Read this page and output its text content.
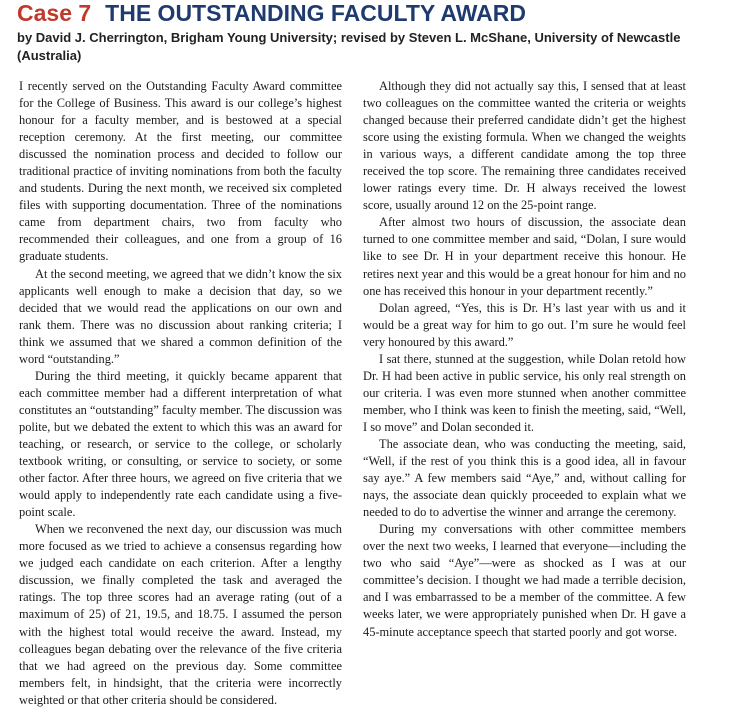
Case 7 THE OUTSTANDING FACULTY AWARD
by David J. Cherrington, Brigham Young University; revised by Steven L. McShane, University of Newcastle (Australia)

I recently served on the Outstanding Faculty Award committee for the College of Business. This award is our college’s highest honour for a faculty member, and is bestowed at a special reception ceremony. At the first meeting, our committee discussed the nomination process and decided to follow our traditional practice of inviting nominations from both the faculty and students. During the next month, we received six completed files with supporting documentation. Three of the nominations came from department chairs, two from faculty who recommended their colleagues, and one from a group of 16 graduate students.

At the second meeting, we agreed that we didn’t know the six applicants well enough to make a decision that day, so we decided that we would read the applications on our own and rank them. There was no discussion about ranking criteria; I think we assumed that we shared a common definition of the word “outstanding.”

During the third meeting, it quickly became apparent that each committee member had a different interpretation of what constitutes an “outstanding” faculty member. The discussion was polite, but we debated the extent to which this was an award for teaching, or research, or service to the college, or scholarly textbook writing, or consulting, or service to society, or some other factor. After three hours, we agreed on five criteria that we would apply to independently rate each candidate using a five-point scale.

When we reconvened the next day, our discussion was much more focused as we tried to achieve a consensus regarding how we judged each candidate on each criterion. After a lengthy discussion, we finally completed the task and averaged the ratings. The top three scores had an average rating (out of a maximum of 25) of 21, 19.5, and 18.75. I assumed the person with the highest total would receive the award. Instead, my colleagues began debating over the relevance of the five criteria that we had agreed on the previous day. Some committee members felt, in hindsight, that the criteria were incorrectly weighted or that other criteria should be considered.

Although they did not actually say this, I sensed that at least two colleagues on the committee wanted the criteria or weights changed because their preferred candidate didn’t get the highest score using the existing formula. When we changed the weights in various ways, a different candidate among the top three received the top score. The remaining three candidates received lower ratings every time. Dr. H always received the lowest score, usually around 12 on the 25-point range.

After almost two hours of discussion, the associate dean turned to one committee member and said, “Dolan, I sure would like to see Dr. H in your department receive this honour. He retires next year and this would be a great honour for him and no one has received this honour in your department recently.”

Dolan agreed, “Yes, this is Dr. H’s last year with us and it would be a great way for him to go out. I’m sure he would feel very honoured by this award.”

I sat there, stunned at the suggestion, while Dolan retold how Dr. H had been active in public service, his only real strength on our criteria. I was even more stunned when another committee member, who I think was keen to finish the meeting, said, “Well, I so move” and Dolan seconded it.

The associate dean, who was conducting the meeting, said, “Well, if the rest of you think this is a good idea, all in favour say aye.” A few members said “Aye,” and, without calling for nays, the associate dean quickly proceeded to explain what we needed to do to advertise the winner and arrange the ceremony.

During my conversations with other committee members over the next two weeks, I learned that everyone—including the two who said “Aye”—were as shocked as I was at our committee’s decision. I thought we had made a terrible decision, and I was embarrassed to be a member of the committee. A few weeks later, we were appropriately punished when Dr. H gave a 45-minute acceptance speech that started poorly and got worse.
